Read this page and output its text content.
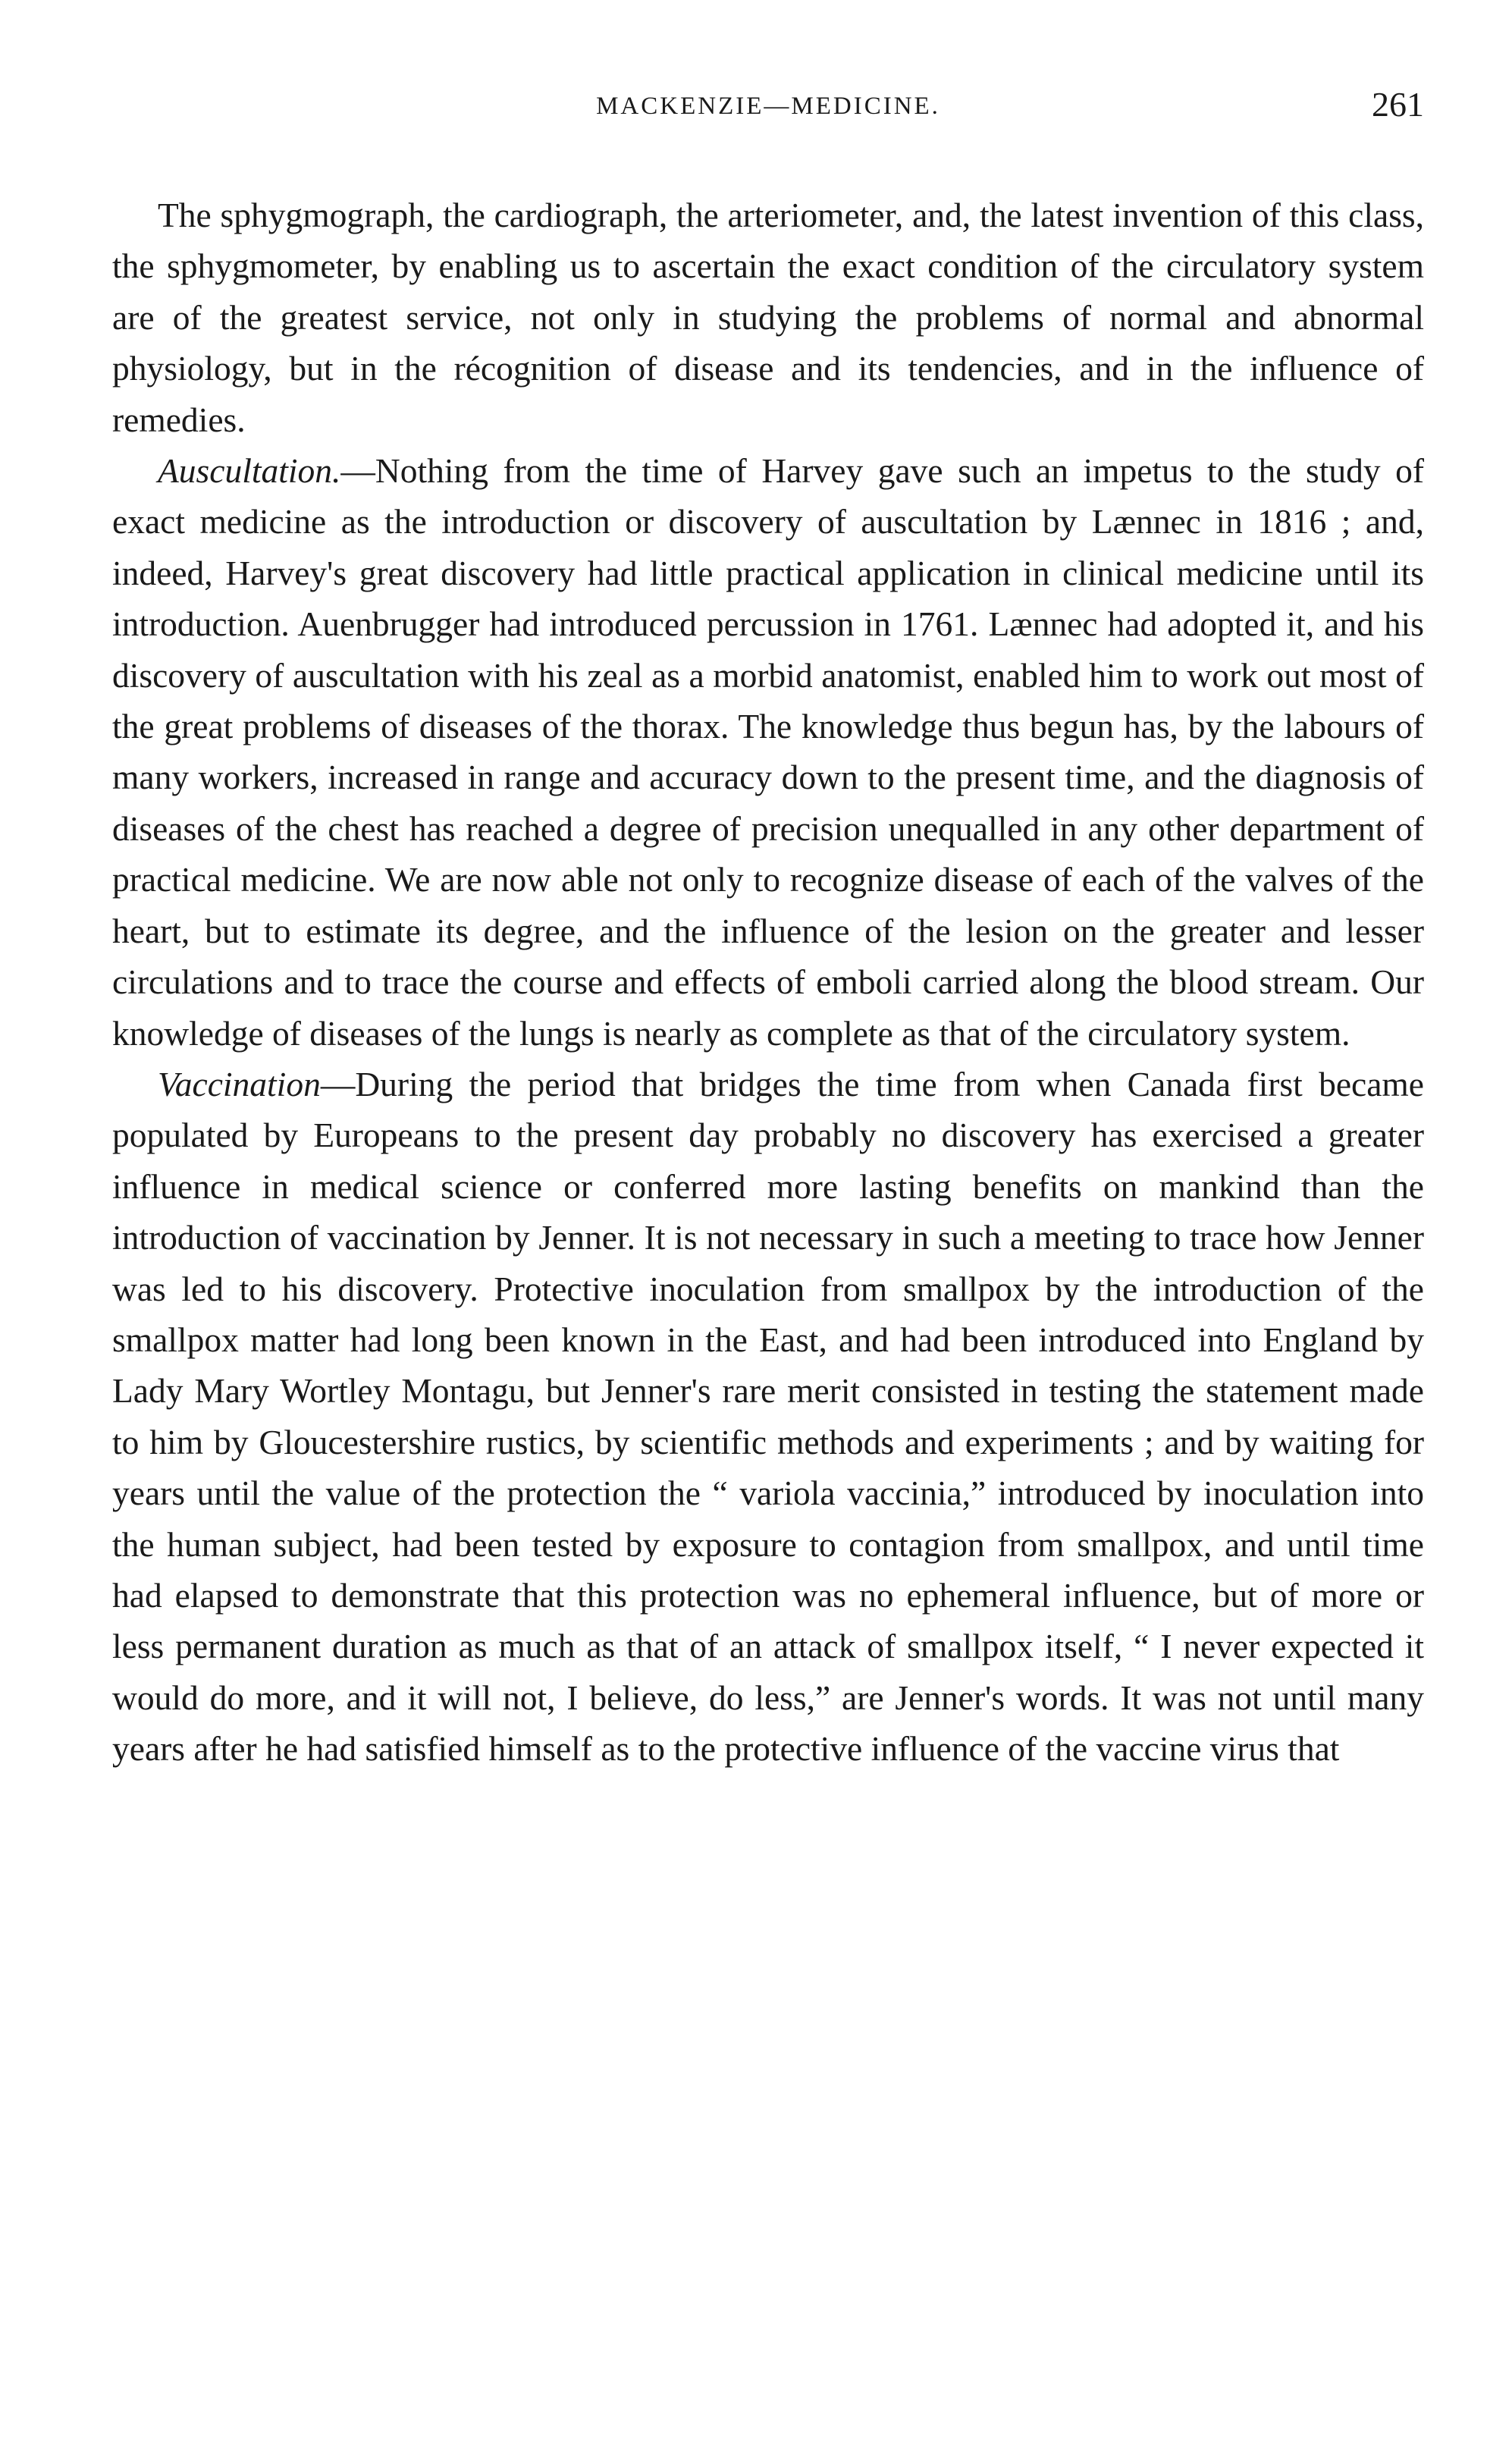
MACKENZIE—MEDICINE.	261

The sphygmograph, the cardiograph, the arteriometer, and, the latest invention of this class, the sphygmometer, by enabling us to ascertain the exact condition of the circulatory system are of the greatest service, not only in studying the problems of normal and abnormal physiology, but in the récognition of disease and its tendencies, and in the influence of remedies.

Auscultation.—Nothing from the time of Harvey gave such an impetus to the study of exact medicine as the introduction or discovery of auscultation by Lænnec in 1816 ; and, indeed, Harvey's great discovery had little practical application in clinical medicine until its introduction. Auenbrugger had introduced percussion in 1761. Lænnec had adopted it, and his discovery of auscultation with his zeal as a morbid anatomist, enabled him to work out most of the great problems of diseases of the thorax. The knowledge thus begun has, by the labours of many workers, increased in range and accuracy down to the present time, and the diagnosis of diseases of the chest has reached a degree of precision unequalled in any other department of practical medicine. We are now able not only to recognize disease of each of the valves of the heart, but to estimate its degree, and the influence of the lesion on the greater and lesser circulations and to trace the course and effects of emboli carried along the blood stream. Our knowledge of diseases of the lungs is nearly as complete as that of the circulatory system.

Vaccination—During the period that bridges the time from when Canada first became populated by Europeans to the present day probably no discovery has exercised a greater influence in medical science or conferred more lasting benefits on mankind than the introduction of vaccination by Jenner. It is not necessary in such a meeting to trace how Jenner was led to his discovery. Protective inoculation from smallpox by the introduction of the smallpox matter had long been known in the East, and had been introduced into England by Lady Mary Wortley Montagu, but Jenner's rare merit consisted in testing the statement made to him by Gloucestershire rustics, by scientific methods and experiments ; and by waiting for years until the value of the protection the “ variola vaccinia,” introduced by inoculation into the human subject, had been tested by exposure to contagion from smallpox, and until time had elapsed to demonstrate that this protection was no ephemeral influence, but of more or less permanent duration as much as that of an attack of smallpox itself, “ I never expected it would do more, and it will not, I believe, do less,” are Jenner's words. It was not until many years after he had satisfied himself as to the protective influence of the vaccine virus that
